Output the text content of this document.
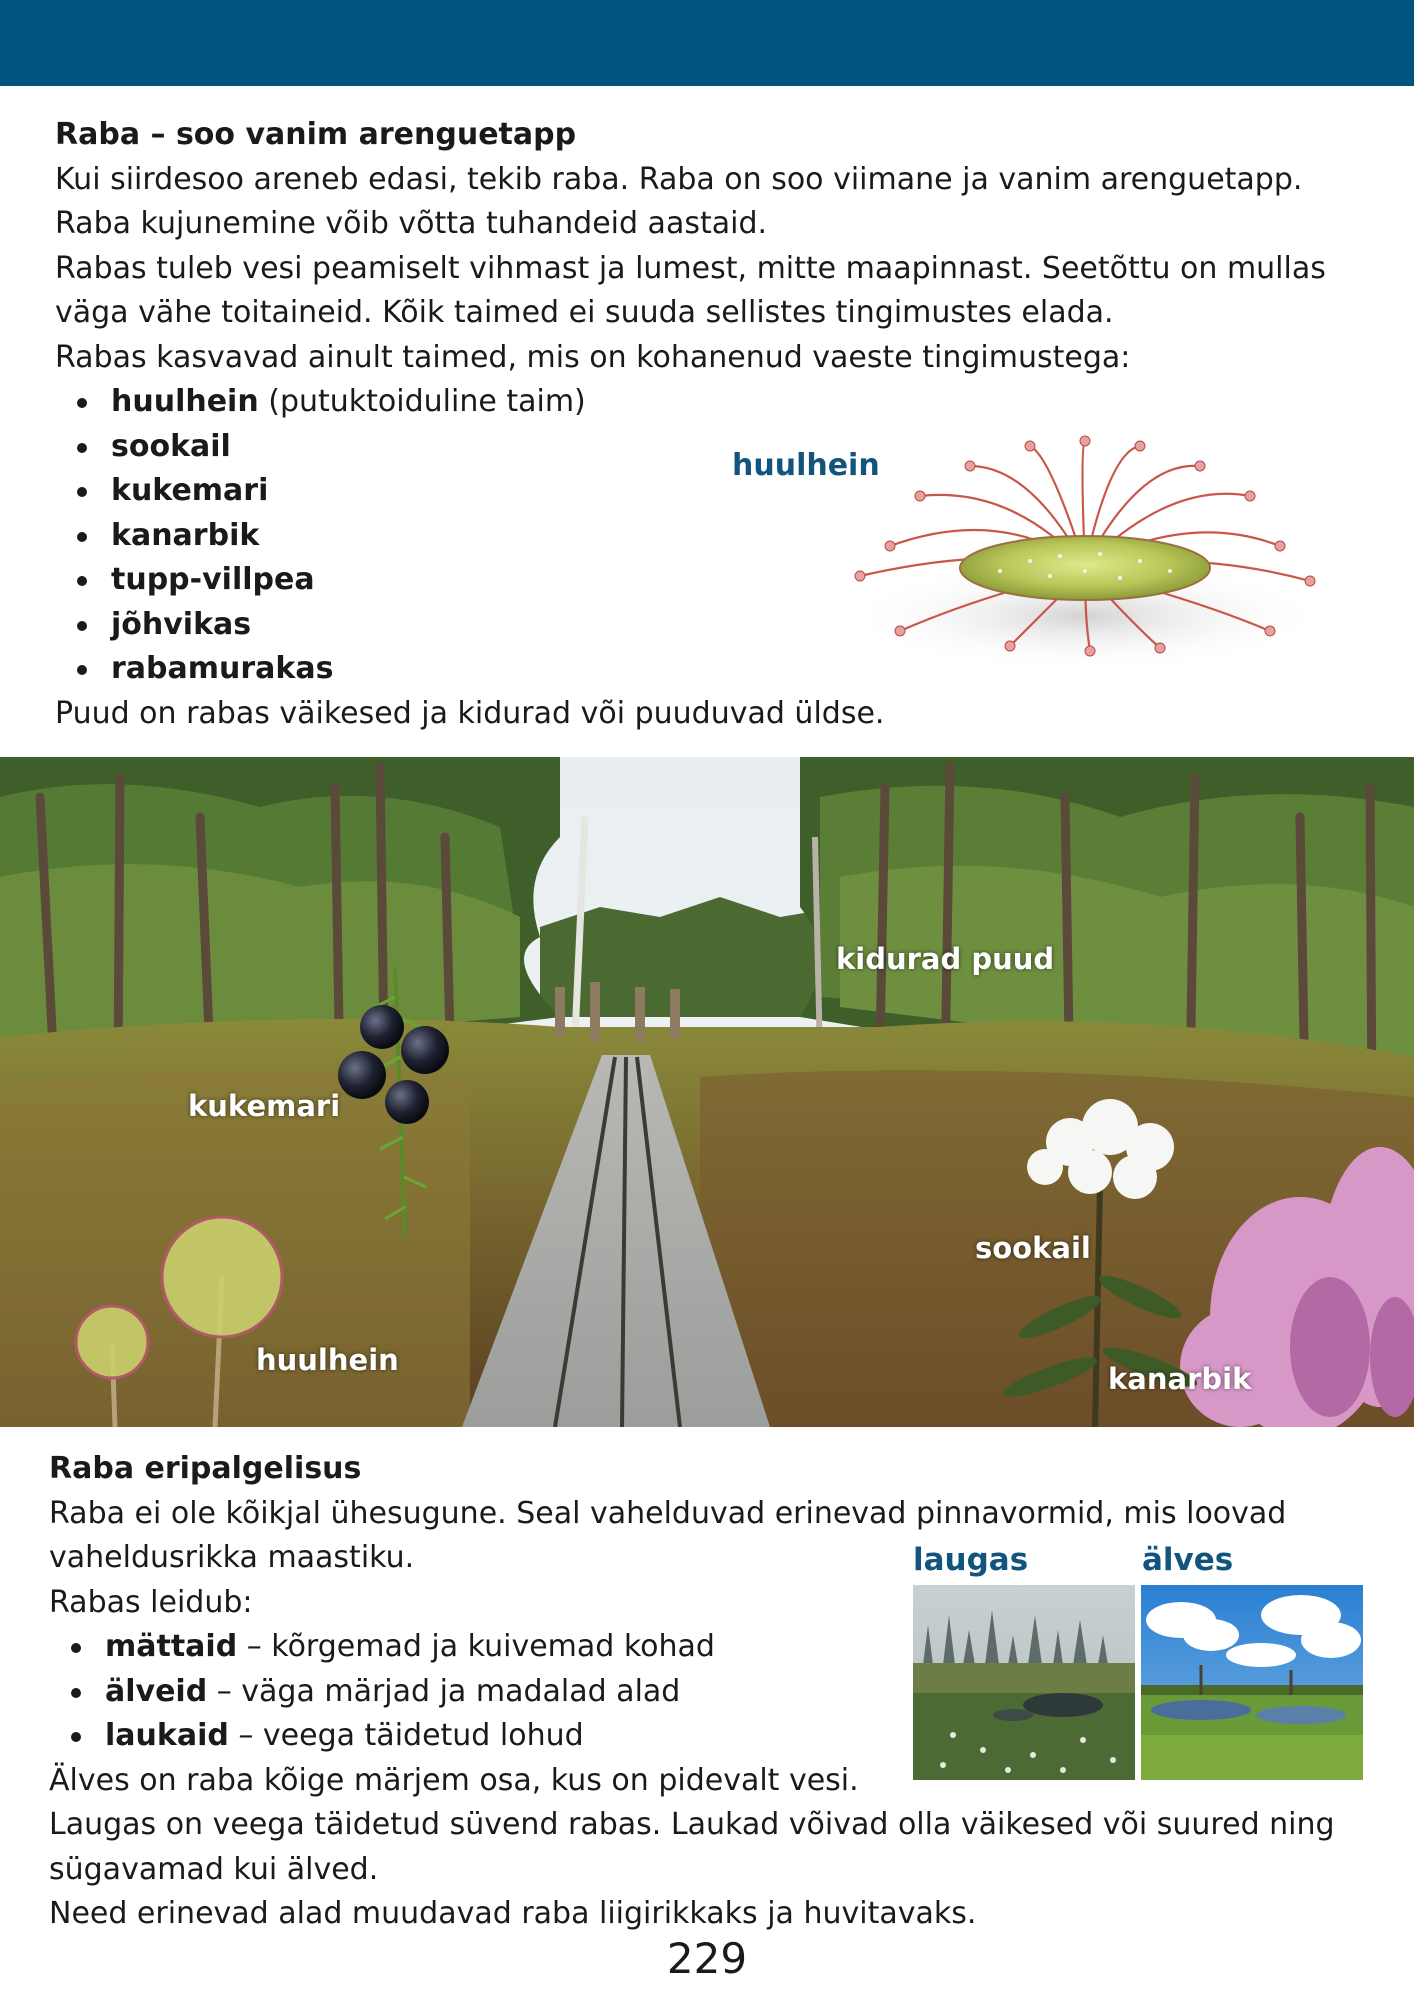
Raba – soo vanim arenguetapp
Kui siirdesoo areneb edasi, tekib raba. Raba on soo viimane ja vanim arenguetapp.
Raba kujunemine võib võtta tuhandeid aastaid.
Rabas tuleb vesi peamiselt vihmast ja lumest, mitte maapinnast. Seetõttu on mullas
väga vähe toitaineid. Kõik taimed ei suuda sellistes tingimustes elada.
Rabas kasvavad ainult taimed, mis on kohanenud vaeste tingimustega:
huulhein (putuktoiduline taim)
sookail
kukemari
kanarbik
tupp-villpea
jõhvikas
rabamurakas
Puud on rabas väikesed ja kidurad või puuduvad üldse.
huulhein
kidurad puud
kukemari
sookail
huulhein
kanarbik
Raba eripalgelisus
Raba ei ole kõikjal ühesugune. Seal vahelduvad erinevad pinnavormid, mis loovad
vaheldusrikka maastiku.
Rabas leidub:
mättaid – kõrgemad ja kuivemad kohad
älveid – väga märjad ja madalad alad
laukaid – veega täidetud lohud
Älves on raba kõige märjem osa, kus on pidevalt vesi.
Laugas on veega täidetud süvend rabas. Laukad võivad olla väikesed või suured ning
sügavamad kui älved.
Need erinevad alad muudavad raba liigirikkaks ja huvitavaks.
laugas	älves
229
